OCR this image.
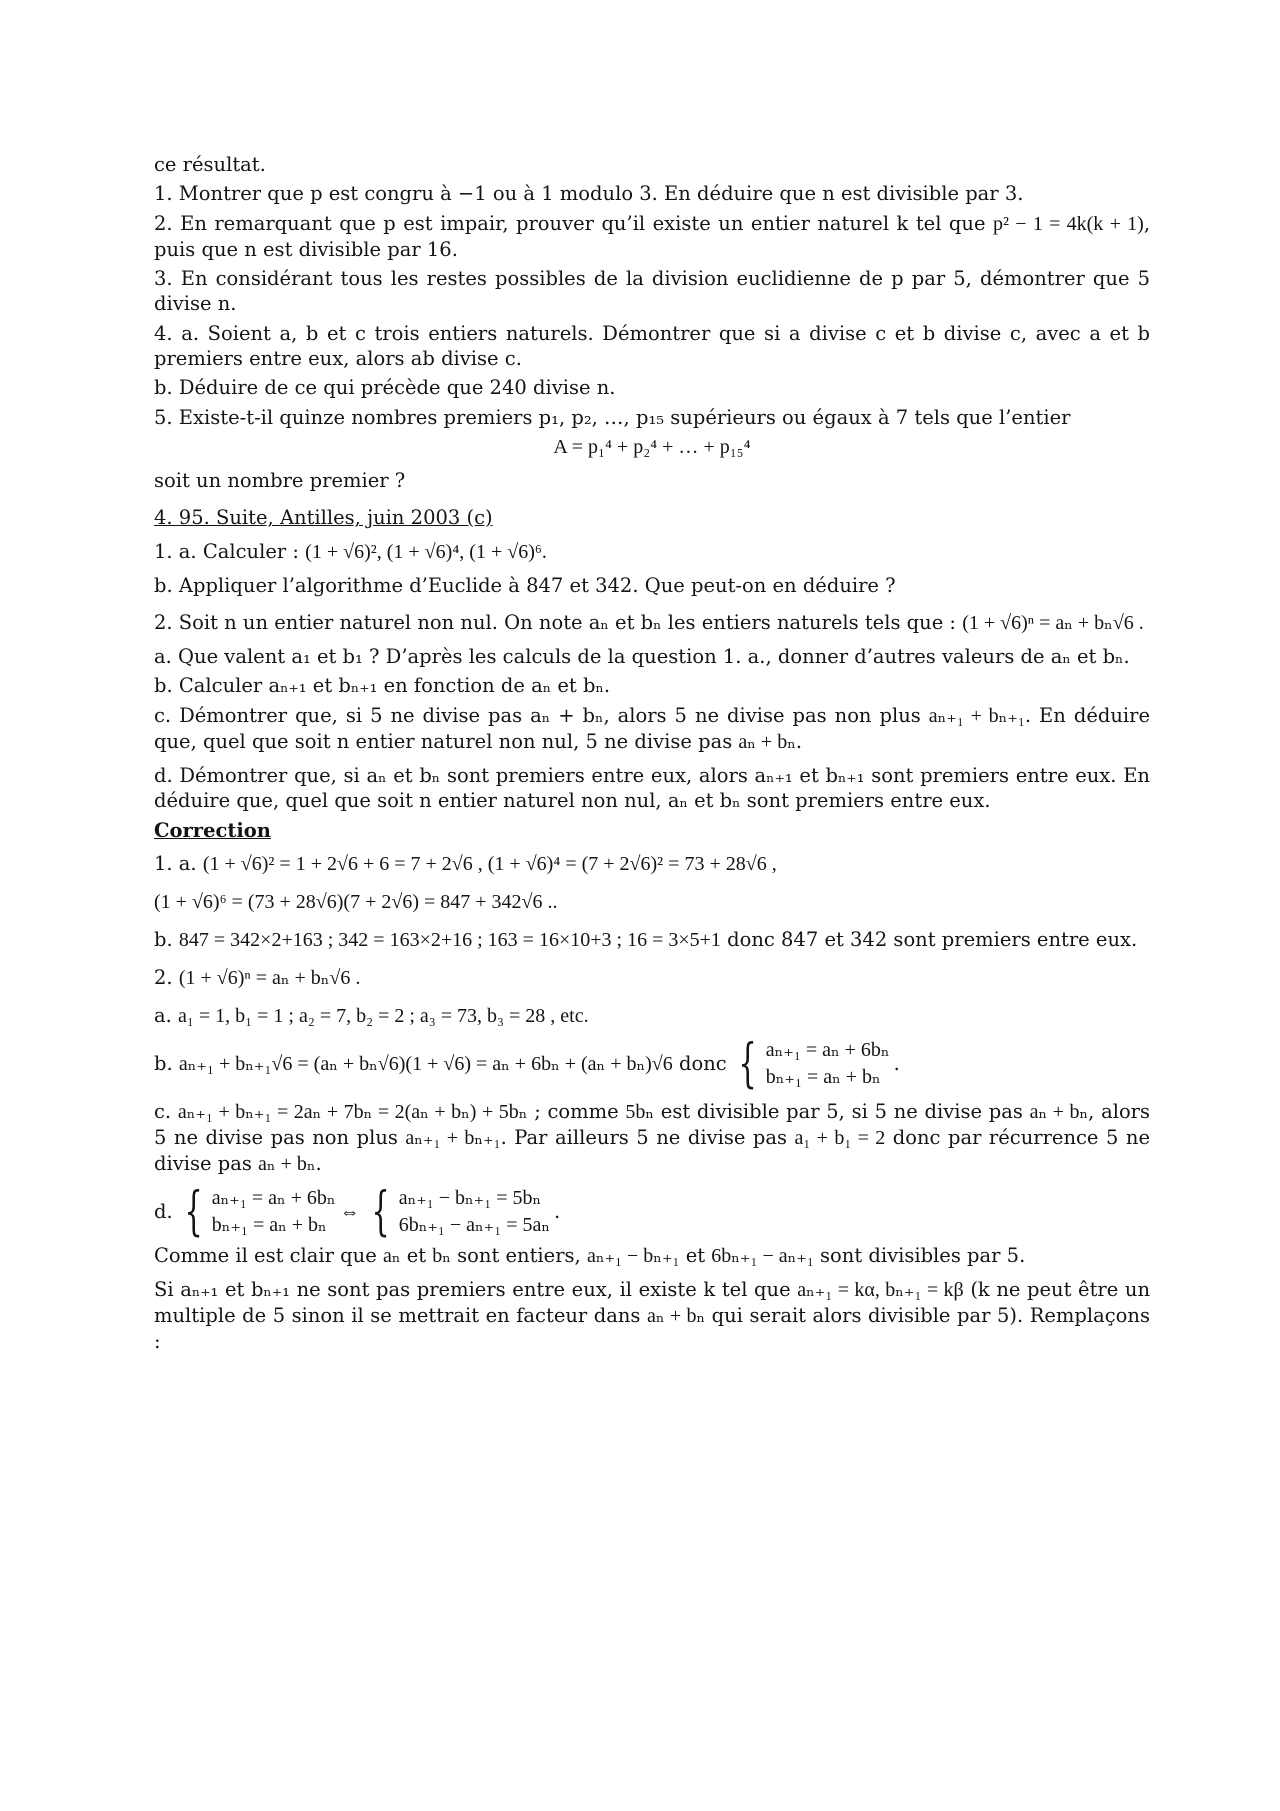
ce résultat.

1. Montrer que p est congru à −1 ou à 1 modulo 3. En déduire que n est divisible par 3.

2. En remarquant que p est impair, prouver qu’il existe un entier naturel k tel que p² − 1 = 4k(k + 1), puis que n est divisible par 16.

3. En considérant tous les restes possibles de la division euclidienne de p par 5, démontrer que 5 divise n.

4. a. Soient a, b et c trois entiers naturels. Démontrer que si a divise c et b divise c, avec a et b premiers entre eux, alors ab divise c.

b. Déduire de ce qui précède que 240 divise n.

5. Existe-t-il quinze nombres premiers p₁, p₂, …, p₁₅ supérieurs ou égaux à 7 tels que l’entier

A = p₁⁴ + p₂⁴ + … + p₁₅⁴

soit un nombre premier ?

4. 95. Suite, Antilles, juin 2003 (c)

1. a. Calculer : (1 + √6)², (1 + √6)⁴, (1 + √6)⁶.

b. Appliquer l’algorithme d’Euclide à 847 et 342. Que peut-on en déduire ?

2. Soit n un entier naturel non nul. On note aₙ et bₙ les entiers naturels tels que : (1 + √6)ⁿ = aₙ + bₙ√6 .

a. Que valent a₁ et b₁ ? D’après les calculs de la question 1. a., donner d’autres valeurs de aₙ et bₙ.

b. Calculer aₙ₊₁ et bₙ₊₁ en fonction de aₙ et bₙ.

c. Démontrer que, si 5 ne divise pas aₙ + bₙ, alors 5 ne divise pas non plus aₙ₊₁ + bₙ₊₁. En déduire que, quel que soit n entier naturel non nul, 5 ne divise pas aₙ + bₙ.

d. Démontrer que, si aₙ et bₙ sont premiers entre eux, alors aₙ₊₁ et bₙ₊₁ sont premiers entre eux. En déduire que, quel que soit n entier naturel non nul, aₙ et bₙ sont premiers entre eux.

Correction

1. a. (1 + √6)² = 1 + 2√6 + 6 = 7 + 2√6 , (1 + √6)⁴ = (7 + 2√6)² = 73 + 28√6 ,

(1 + √6)⁶ = (73 + 28√6)(7 + 2√6) = 847 + 342√6 ..

b. 847 = 342×2+163 ; 342 = 163×2+16 ; 163 = 16×10+3 ; 16 = 3×5+1 donc 847 et 342 sont premiers entre eux.

2. (1 + √6)ⁿ = aₙ + bₙ√6 .

a. a₁ = 1, b₁ = 1 ; a₂ = 7, b₂ = 2 ; a₃ = 73, b₃ = 28 , etc.

b.
aₙ₊₁ + bₙ₊₁√6 = (aₙ + bₙ√6)(1 + √6) = aₙ + 6bₙ + (aₙ + bₙ)√6
donc { aₙ₊₁ = aₙ + 6bₙ
bₙ₊₁ = aₙ + bₙ
.

c. aₙ₊₁ + bₙ₊₁ = 2aₙ + 7bₙ = 2(aₙ + bₙ) + 5bₙ ; comme 5bₙ est divisible par 5, si 5 ne divise pas aₙ + bₙ, alors 5 ne divise pas non plus aₙ₊₁ + bₙ₊₁. Par ailleurs 5 ne divise pas a₁ + b₁ = 2 donc par récurrence 5 ne divise pas aₙ + bₙ.

d. { aₙ₊₁ = aₙ + 6bₙ
bₙ₊₁ = aₙ + bₙ
⇔ { aₙ₊₁ − bₙ₊₁ = 5bₙ
6bₙ₊₁ − aₙ₊₁ = 5aₙ
.

Comme il est clair que aₙ et bₙ sont entiers, aₙ₊₁ − bₙ₊₁ et 6bₙ₊₁ − aₙ₊₁ sont divisibles par 5.

Si aₙ₊₁ et bₙ₊₁ ne sont pas premiers entre eux, il existe k tel que aₙ₊₁ = kα, bₙ₊₁ = kβ (k ne peut être un multiple de 5 sinon il se mettrait en facteur dans aₙ + bₙ qui serait alors divisible par 5). Remplaçons :
